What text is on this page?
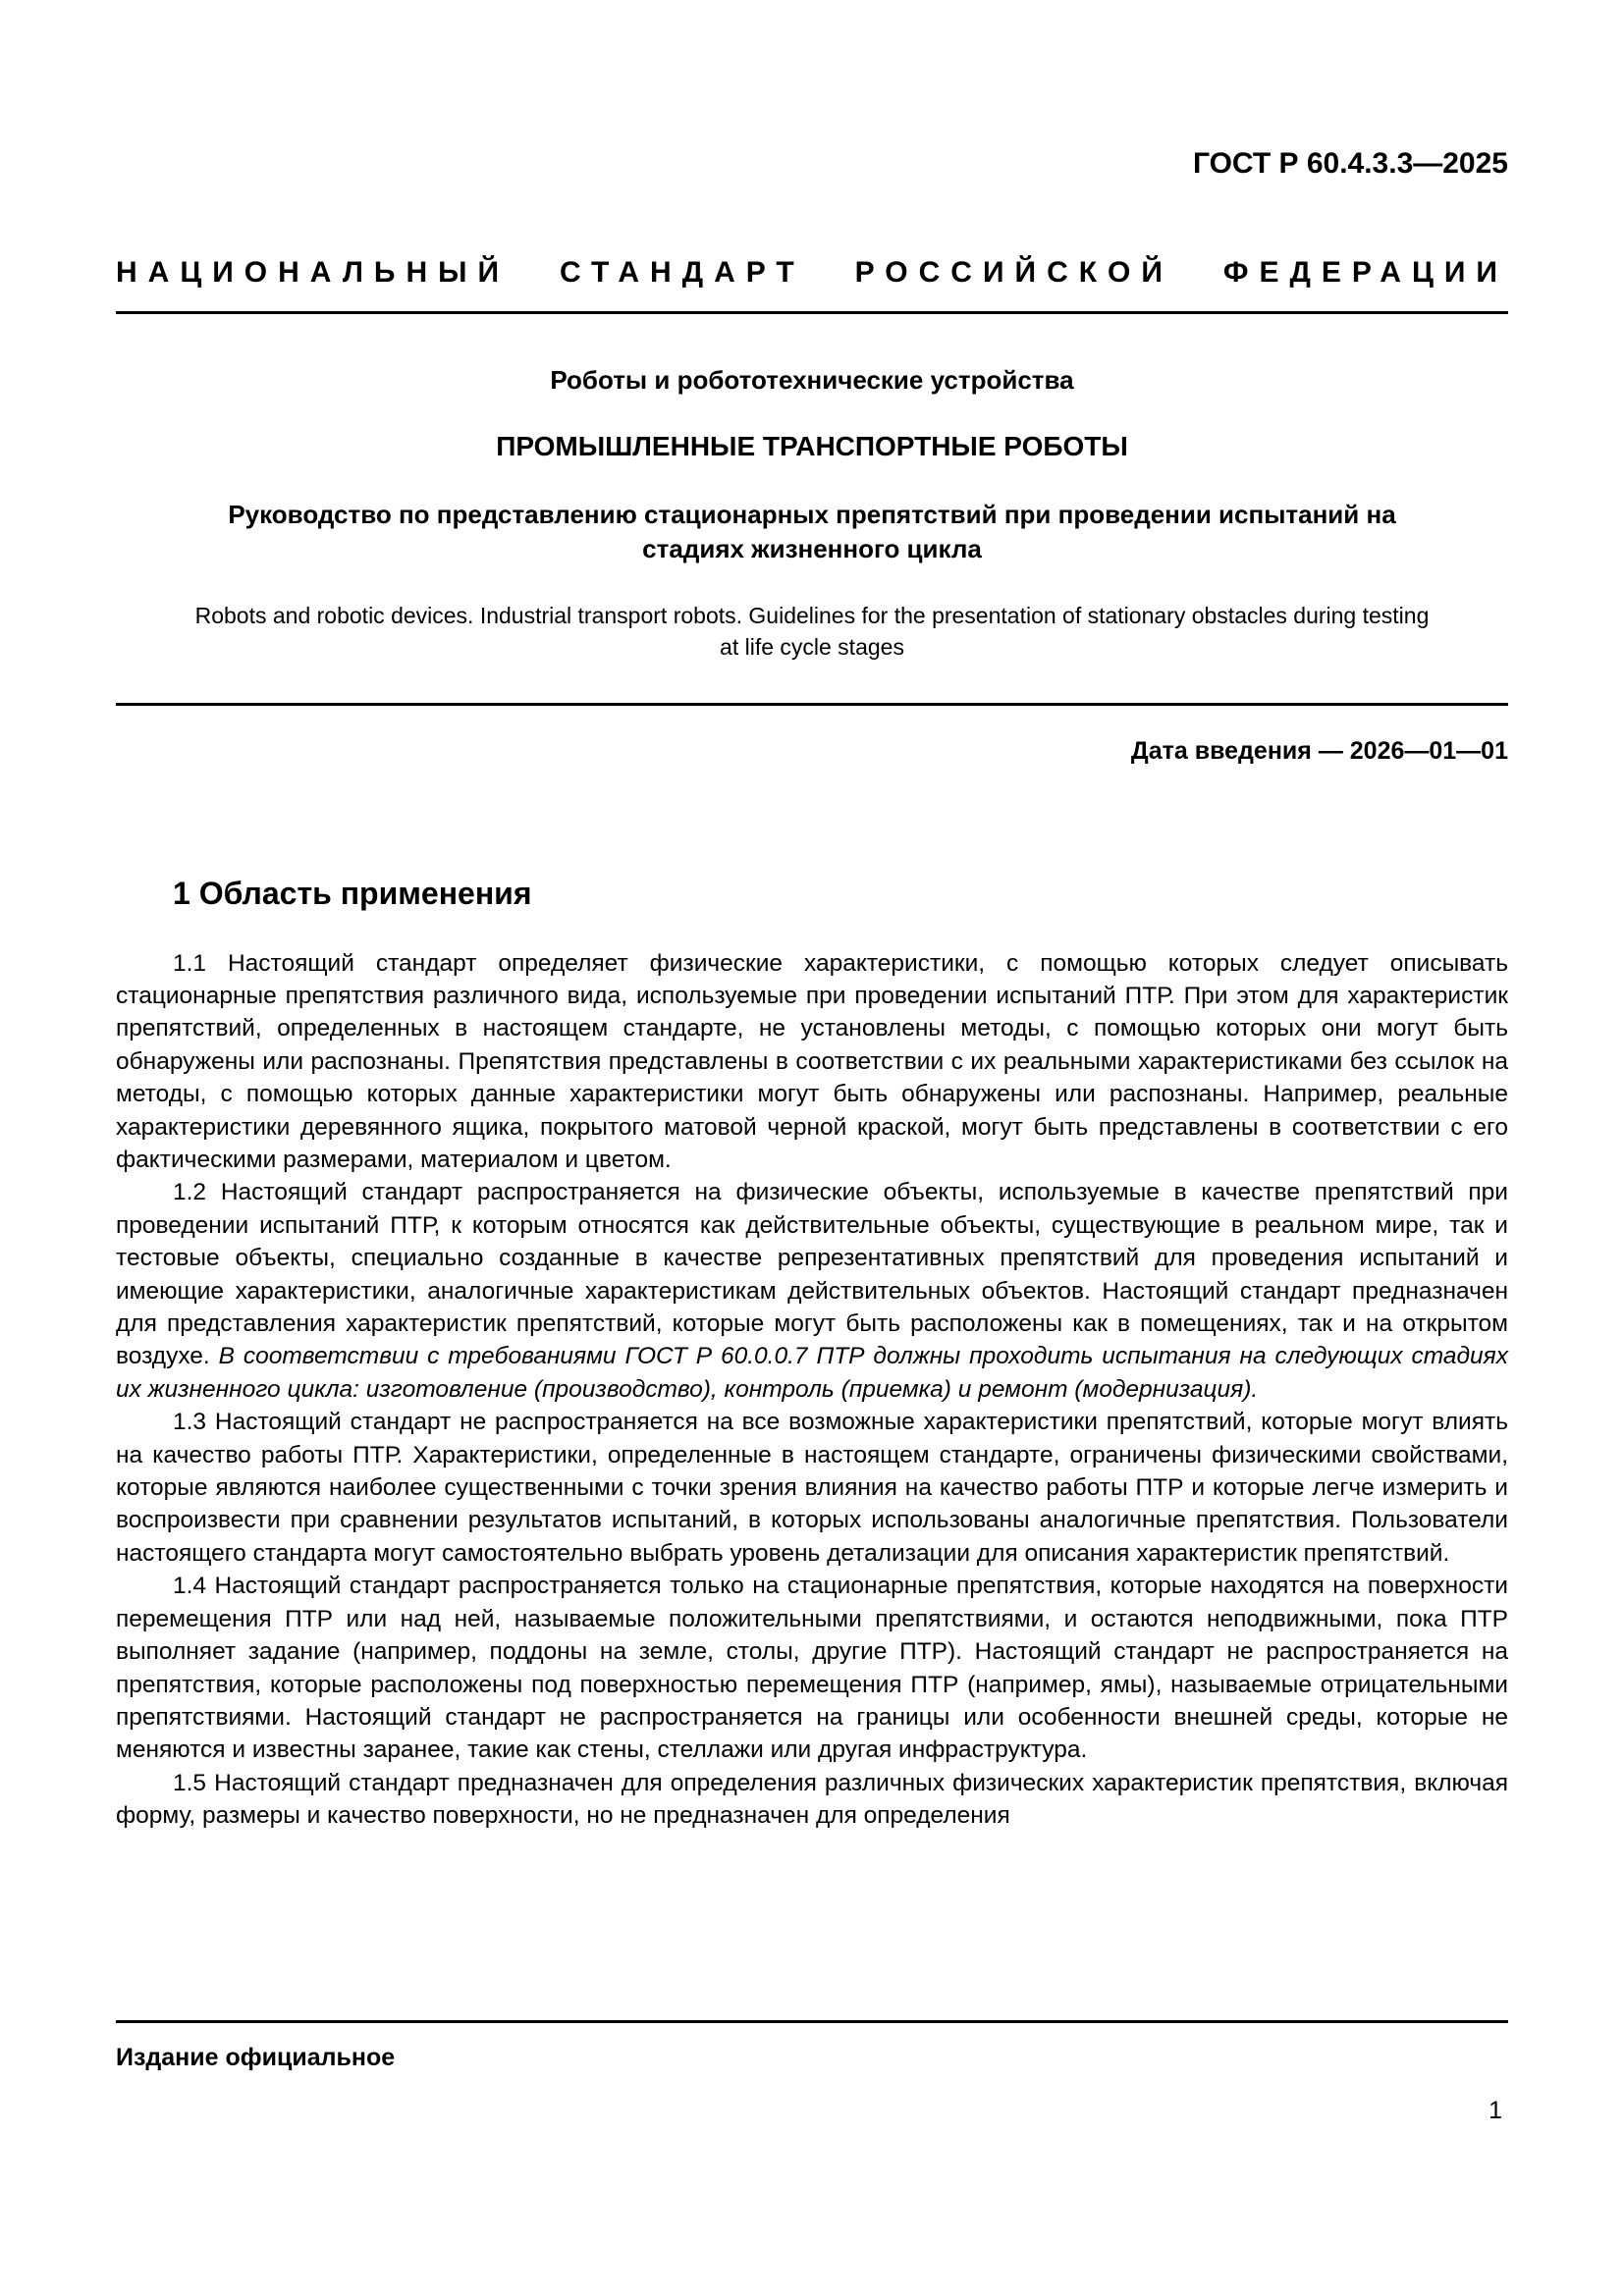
ГОСТ Р 60.4.3.3—2025
НАЦИОНАЛЬНЫЙ СТАНДАРТ РОССИЙСКОЙ ФЕДЕРАЦИИ
Роботы и робототехнические устройства
ПРОМЫШЛЕННЫЕ ТРАНСПОРТНЫЕ РОБОТЫ
Руководство по представлению стационарных препятствий при проведении испытаний на стадиях жизненного цикла
Robots and robotic devices. Industrial transport robots. Guidelines for the presentation of stationary obstacles during testing at life cycle stages
Дата введения — 2026—01—01
1 Область применения

1.1 Настоящий стандарт определяет физические характеристики, с помощью которых следует описывать стационарные препятствия различного вида, используемые при проведении испытаний ПТР. При этом для характеристик препятствий, определенных в настоящем стандарте, не установлены методы, с помощью которых они могут быть обнаружены или распознаны. Препятствия представлены в соответствии с их реальными характеристиками без ссылок на методы, с помощью которых данные характеристики могут быть обнаружены или распознаны. Например, реальные характеристики деревянного ящика, покрытого матовой черной краской, могут быть представлены в соответствии с его фактическими размерами, материалом и цветом.

1.2 Настоящий стандарт распространяется на физические объекты, используемые в качестве препятствий при проведении испытаний ПТР, к которым относятся как действительные объекты, существующие в реальном мире, так и тестовые объекты, специально созданные в качестве репрезентативных препятствий для проведения испытаний и имеющие характеристики, аналогичные характеристикам действительных объектов. Настоящий стандарт предназначен для представления характеристик препятствий, которые могут быть расположены как в помещениях, так и на открытом воздухе. В соответствии с требованиями ГОСТ Р 60.0.0.7 ПТР должны проходить испытания на следующих стадиях их жизненного цикла: изготовление (производство), контроль (приемка) и ремонт (модернизация).

1.3 Настоящий стандарт не распространяется на все возможные характеристики препятствий, которые могут влиять на качество работы ПТР. Характеристики, определенные в настоящем стандарте, ограничены физическими свойствами, которые являются наиболее существенными с точки зрения влияния на качество работы ПТР и которые легче измерить и воспроизвести при сравнении результатов испытаний, в которых использованы аналогичные препятствия. Пользователи настоящего стандарта могут самостоятельно выбрать уровень детализации для описания характеристик препятствий.

1.4 Настоящий стандарт распространяется только на стационарные препятствия, которые находятся на поверхности перемещения ПТР или над ней, называемые положительными препятствиями, и остаются неподвижными, пока ПТР выполняет задание (например, поддоны на земле, столы, другие ПТР). Настоящий стандарт не распространяется на препятствия, которые расположены под поверхностью перемещения ПТР (например, ямы), называемые отрицательными препятствиями. Настоящий стандарт не распространяется на границы или особенности внешней среды, которые не меняются и известны заранее, такие как стены, стеллажи или другая инфраструктура.

1.5 Настоящий стандарт предназначен для определения различных физических характеристик препятствия, включая форму, размеры и качество поверхности, но не предназначен для определения

Издание официальное
1
